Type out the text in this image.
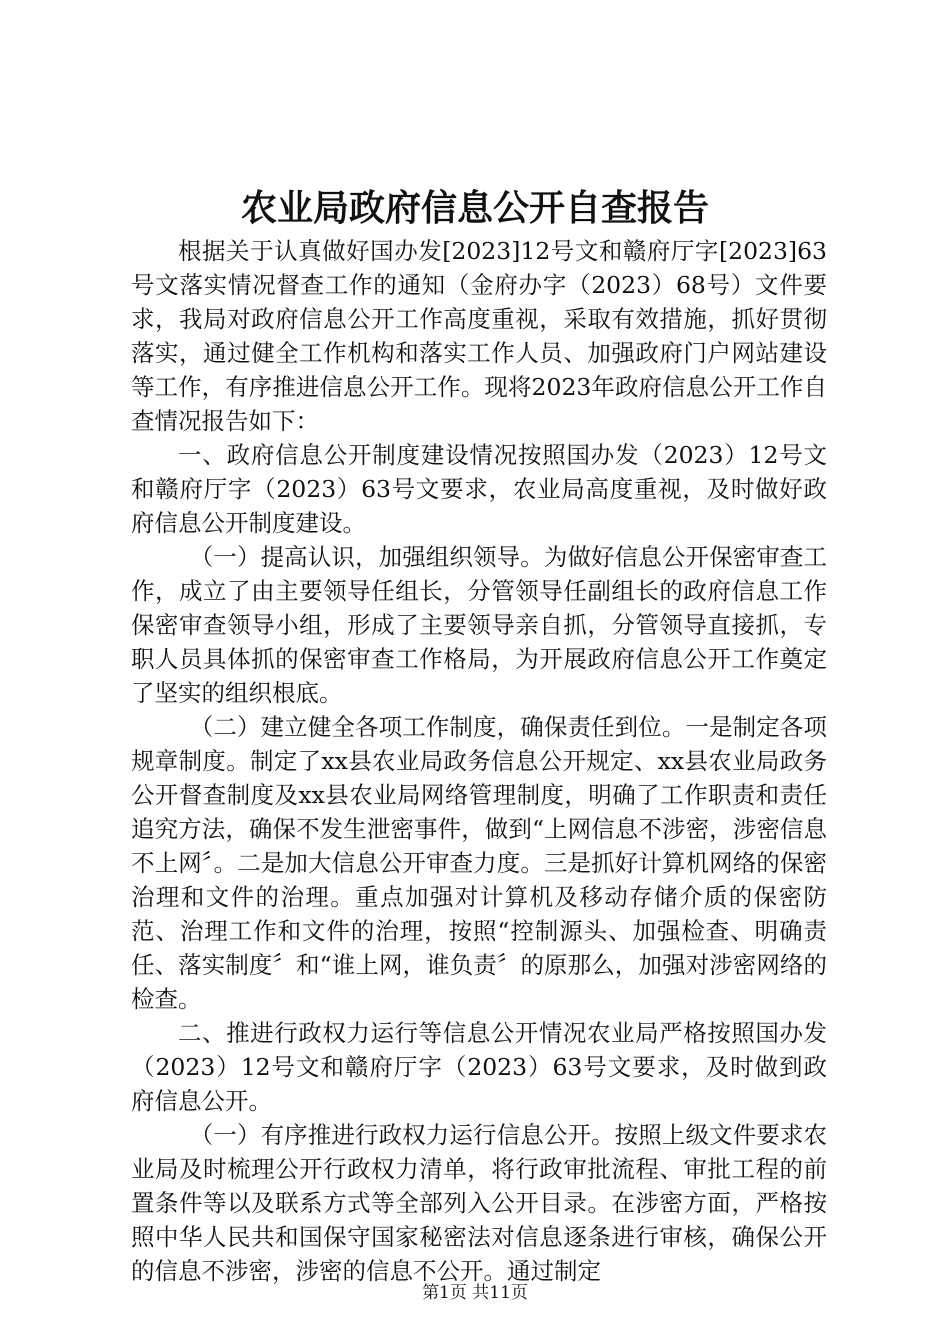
农业局政府信息公开自查报告

根据关于认真做好国办发[2023]12号文和赣府厅字[2023]63号文落实情况督查工作的通知（金府办字（2023）68号）文件要求，我局对政府信息公开工作高度重视，采取有效措施，抓好贯彻落实，通过健全工作机构和落实工作人员、加强政府门户网站建设等工作，有序推进信息公开工作。现将2023年政府信息公开工作自查情况报告如下：

一、政府信息公开制度建设情况按照国办发（2023）12号文和赣府厅字（2023）63号文要求，农业局高度重视，及时做好政府信息公开制度建设。

（一）提高认识，加强组织领导。为做好信息公开保密审查工作，成立了由主要领导任组长，分管领导任副组长的政府信息工作保密审查领导小组，形成了主要领导亲自抓，分管领导直接抓，专职人员具体抓的保密审查工作格局，为开展政府信息公开工作奠定了坚实的组织根底。

（二）建立健全各项工作制度，确保责任到位。一是制定各项规章制度。制定了xx县农业局政务信息公开规定、xx县农业局政务公开督查制度及xx县农业局网络管理制度，明确了工作职责和责任追究方法，确保不发生泄密事件，做到“上网信息不涉密，涉密信息不上网〞。二是加大信息公开审查力度。三是抓好计算机网络的保密治理和文件的治理。重点加强对计算机及移动存储介质的保密防范、治理工作和文件的治理，按照“控制源头、加强检查、明确责任、落实制度〞和“谁上网，谁负责〞的原那么，加强对涉密网络的检查。

二、推进行政权力运行等信息公开情况农业局严格按照国办发（2023）12号文和赣府厅字（2023）63号文要求，及时做到政府信息公开。

（一）有序推进行政权力运行信息公开。按照上级文件要求农业局及时梳理公开行政权力清单，将行政审批流程、审批工程的前置条件等以及联系方式等全部列入公开目录。在涉密方面，严格按照中华人民共和国保守国家秘密法对信息逐条进行审核，确保公开的信息不涉密，涉密的信息不公开。通过制定

第1页 共11页
